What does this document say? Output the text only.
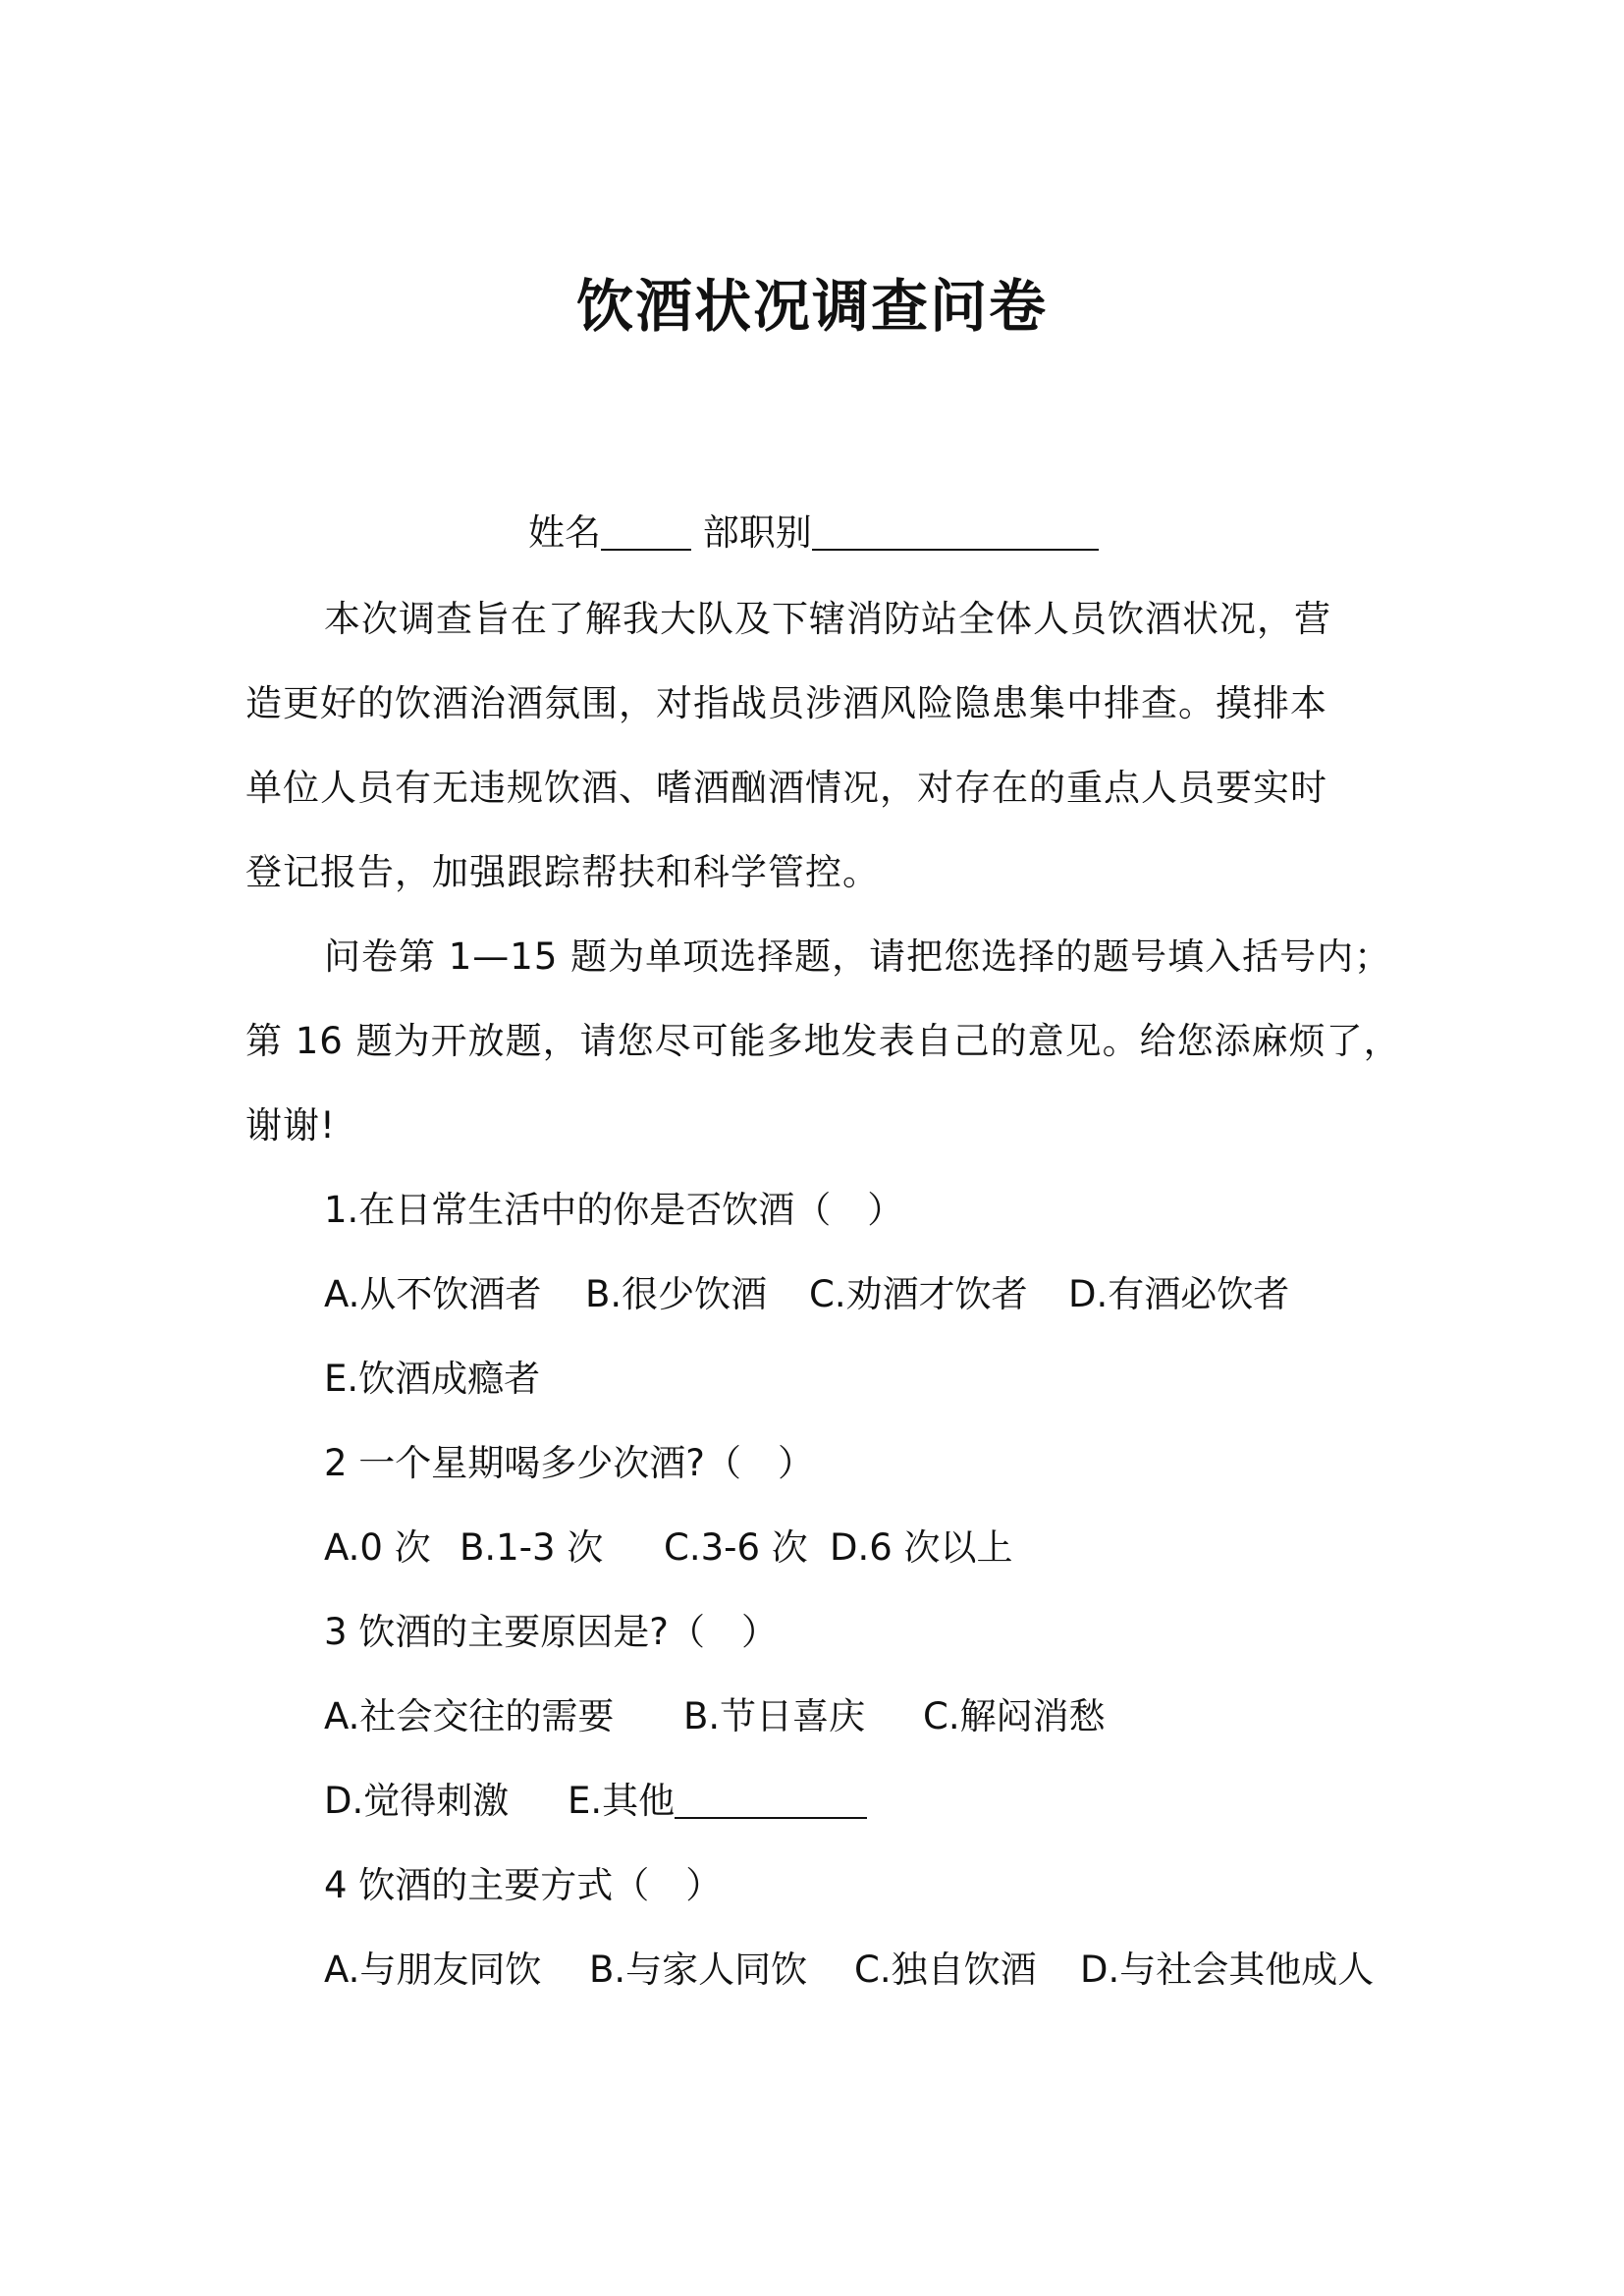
饮酒状况调查问卷
姓名	部职别
本次调查旨在了解我大队及下辖消防站全体人员饮酒状况，营
造更好的饮酒治酒氛围，对指战员涉酒风险隐患集中排查。摸排本
单位人员有无违规饮酒、嗜酒酗酒情况，对存在的重点人员要实时
登记报告，加强跟踪帮扶和科学管控。
问卷第 1—15 题为单项选择题，请把您选择的题号填入括号内；
第 16 题为开放题，请您尽可能多地发表自己的意见。给您添麻烦了，
谢谢!
1.在日常生活中的你是否饮酒（　）
A.从不饮酒者 B.很少饮酒 C.劝酒才饮者 D.有酒必饮者
E.饮酒成瘾者
2 一个星期喝多少次酒?（　）
A.0 次 B.1-3 次 C.3-6 次 D.6 次以上
3 饮酒的主要原因是?（　）
A.社会交往的需要 B.节日喜庆 C.解闷消愁
D.觉得刺激 E.其他
4 饮酒的主要方式（　）
A.与朋友同饮 B.与家人同饮 C.独自饮酒 D.与社会其他成人
